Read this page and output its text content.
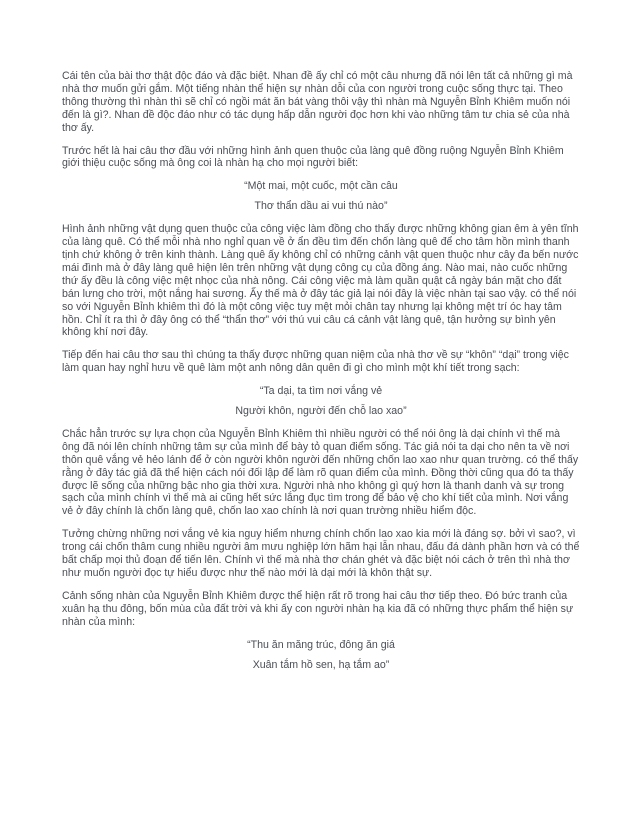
Cái tên của bài thơ thật độc đáo và đặc biệt. Nhan đề ấy chỉ có một câu nhưng đã nói lên tất cả những gì mà nhà thơ muốn gửi gắm. Một tiếng nhàn thể hiện sự nhàn dỗi của con người trong cuộc sống thực tại. Theo thông thường thì nhàn thì sẽ chỉ có ngồi mát ăn bát vàng thôi vậy thì nhàn mà Nguyễn Bỉnh Khiêm muốn nói đến là gì?. Nhan đề độc đáo như có tác dụng hấp dẫn người đọc hơn khi vào những tâm tư chia sẻ của nhà thơ ấy.

Trước hết là hai câu thơ đầu với những hình ảnh quen thuộc của làng quê đồng ruộng Nguyễn Bỉnh Khiêm giới thiệu cuộc sống mà ông coi là nhàn hạ cho mọi người biết:

“Một mai, một cuốc, một cần câu

Thơ thẩn dầu ai vui thú nào”

Hình ảnh những vật dụng quen thuộc của công việc làm đồng cho thấy được những không gian êm à yên tĩnh của làng quê. Có thể mỗi nhà nho nghỉ quan về ở ẩn đều tìm đến chốn làng quê để cho tâm hồn mình thanh tịnh chứ không ở trên kinh thành. Làng quê ấy không chỉ có những cảnh vật quen thuộc như cây đa bến nước mái đình mà ở đây làng quê hiện lên trên những vật dụng công cụ của đồng áng. Nào mai, nào cuốc những thứ ấy đều là công việc mệt nhọc của nhà nông. Cái công việc mà làm quần quật cả ngày bán mặt cho đất bán lưng cho trời, một nắng hai sương. Ấy thế mà ở đây tác giả lại nói đây là việc nhàn tại sao vậy. có thể nói so với Nguyễn Bỉnh khiêm thì đó là một công việc tuy mệt mỏi chân tay nhưng lại không mệt trí óc hay tâm hồn. Chỉ ít ra thì ở đây ông có thể “thẩn thơ” với thú vui câu cá cảnh vật làng quê, tận hưởng sự bình yên không khí nơi đây.

Tiếp đến hai câu thơ sau thì chúng ta thấy được những quan niệm của nhà thơ về sự “khôn” “dại” trong việc làm quan hay nghỉ hưu về quê làm một anh nông dân quên đi gì cho mình một khí tiết trong sạch:

“Ta dại, ta tìm nơi vắng vẻ

Người khôn, người đến chỗ lao xao”

Chắc hẳn trước sự lựa chọn của Nguyễn Bỉnh Khiêm thì nhiều người có thể nói ông là dại chính vì thế mà ông đã nói lên chính những tâm sự của mình để bày tỏ quan điểm sống. Tác giả nói ta dại cho nên ta về nơi thôn quê vắng vẻ hẻo lánh để ở còn người khôn người đến những chốn lao xao như quan trường. có thể thấy rằng ở đây tác giả đã thể hiện cách nói đối lập để làm rõ quan điểm của mình. Đồng thời cũng qua đó ta thấy được lẽ sống của những bậc nho gia thời xưa. Người nhà nho không gì quý hơn là thanh danh và sự trong sạch của mình chính vì thế mà ai cũng hết sức lắng đục tìm trong để bảo vệ cho khí tiết của mình. Nơi vắng vẻ ở đây chính là chốn làng quê, chốn lao xao chính là nơi quan trường nhiều hiểm độc.

Tưởng chừng những nơi vắng vẻ kia nguy hiểm nhưng chính chốn lao xao kia mới là đáng sợ. bởi vì sao?, vì trong cái chốn thâm cung nhiều người âm mưu nghiệp lớn hãm hại lẫn nhau, đấu đá dành phần hơn và có thể bất chấp mọi thủ đoạn để tiến lên. Chính vì thế mà nhà thơ chán ghét và đặc biệt nói cách ở trên thì nhà thơ như muốn người đọc tự hiểu được như thế nào mới là dại mới là khôn thật sự.

Cảnh sống nhàn của Nguyễn Bỉnh Khiêm được thể hiện rất rõ trong hai câu thơ tiếp theo. Đó bức tranh của xuân hạ thu đông, bốn mùa của đất trời và khi ấy con người nhàn hạ kia đã có những thực phẩm thể hiện sự nhàn của mình:

“Thu ăn măng trúc, đông ăn giá

Xuân tắm hồ sen, hạ tắm ao”
